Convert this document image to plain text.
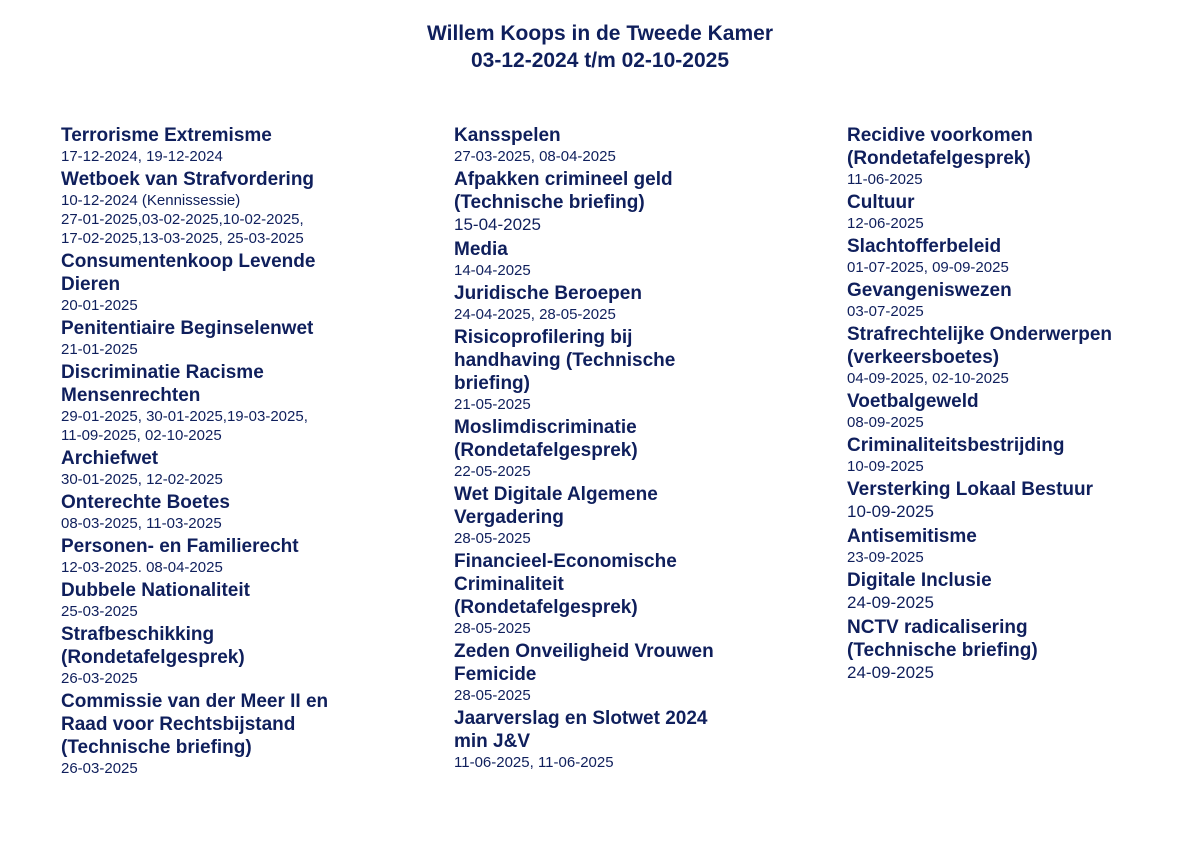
Willem Koops in de Tweede Kamer
03-12-2024 t/m 02-10-2025
Terrorisme Extremisme
17-12-2024, 19-12-2024
Wetboek van Strafvordering
10-12-2024 (Kennissessie)
27-01-2025,03-02-2025,10-02-2025,
17-02-2025,13-03-2025, 25-03-2025
Consumentenkoop Levende
Dieren
20-01-2025
Penitentiaire Beginselenwet
21-01-2025
Discriminatie Racisme
Mensenrechten
29-01-2025, 30-01-2025,19-03-2025,
11-09-2025, 02-10-2025
Archiefwet
30-01-2025, 12-02-2025
Onterechte Boetes
08-03-2025, 11-03-2025
Personen- en Familierecht
12-03-2025. 08-04-2025
Dubbele Nationaliteit
25-03-2025
Strafbeschikking
(Rondetafelgesprek)
26-03-2025
Commissie van der Meer II en
Raad voor Rechtsbijstand
(Technische briefing)
26-03-2025
Kansspelen
27-03-2025, 08-04-2025
Afpakken crimineel geld
(Technische briefing)
15-04-2025
Media
14-04-2025
Juridische Beroepen
24-04-2025, 28-05-2025
Risicoprofilering bij
handhaving (Technische
briefing)
21-05-2025
Moslimdiscriminatie
(Rondetafelgesprek)
22-05-2025
Wet Digitale Algemene
Vergadering
28-05-2025
Financieel-Economische
Criminaliteit
(Rondetafelgesprek)
28-05-2025
Zeden Onveiligheid Vrouwen
Femicide
28-05-2025
Jaarverslag en Slotwet 2024
min J&V
11-06-2025, 11-06-2025
Recidive voorkomen
(Rondetafelgesprek)
11-06-2025
Cultuur
12-06-2025
Slachtofferbeleid
01-07-2025, 09-09-2025
Gevangeniswezen
03-07-2025
Strafrechtelijke Onderwerpen
(verkeersboetes)
04-09-2025, 02-10-2025
Voetbalgeweld
08-09-2025
Criminaliteitsbestrijding
10-09-2025
Versterking Lokaal Bestuur
10-09-2025
Antisemitisme
23-09-2025
Digitale Inclusie
24-09-2025
NCTV radicalisering
(Technische briefing)
24-09-2025
